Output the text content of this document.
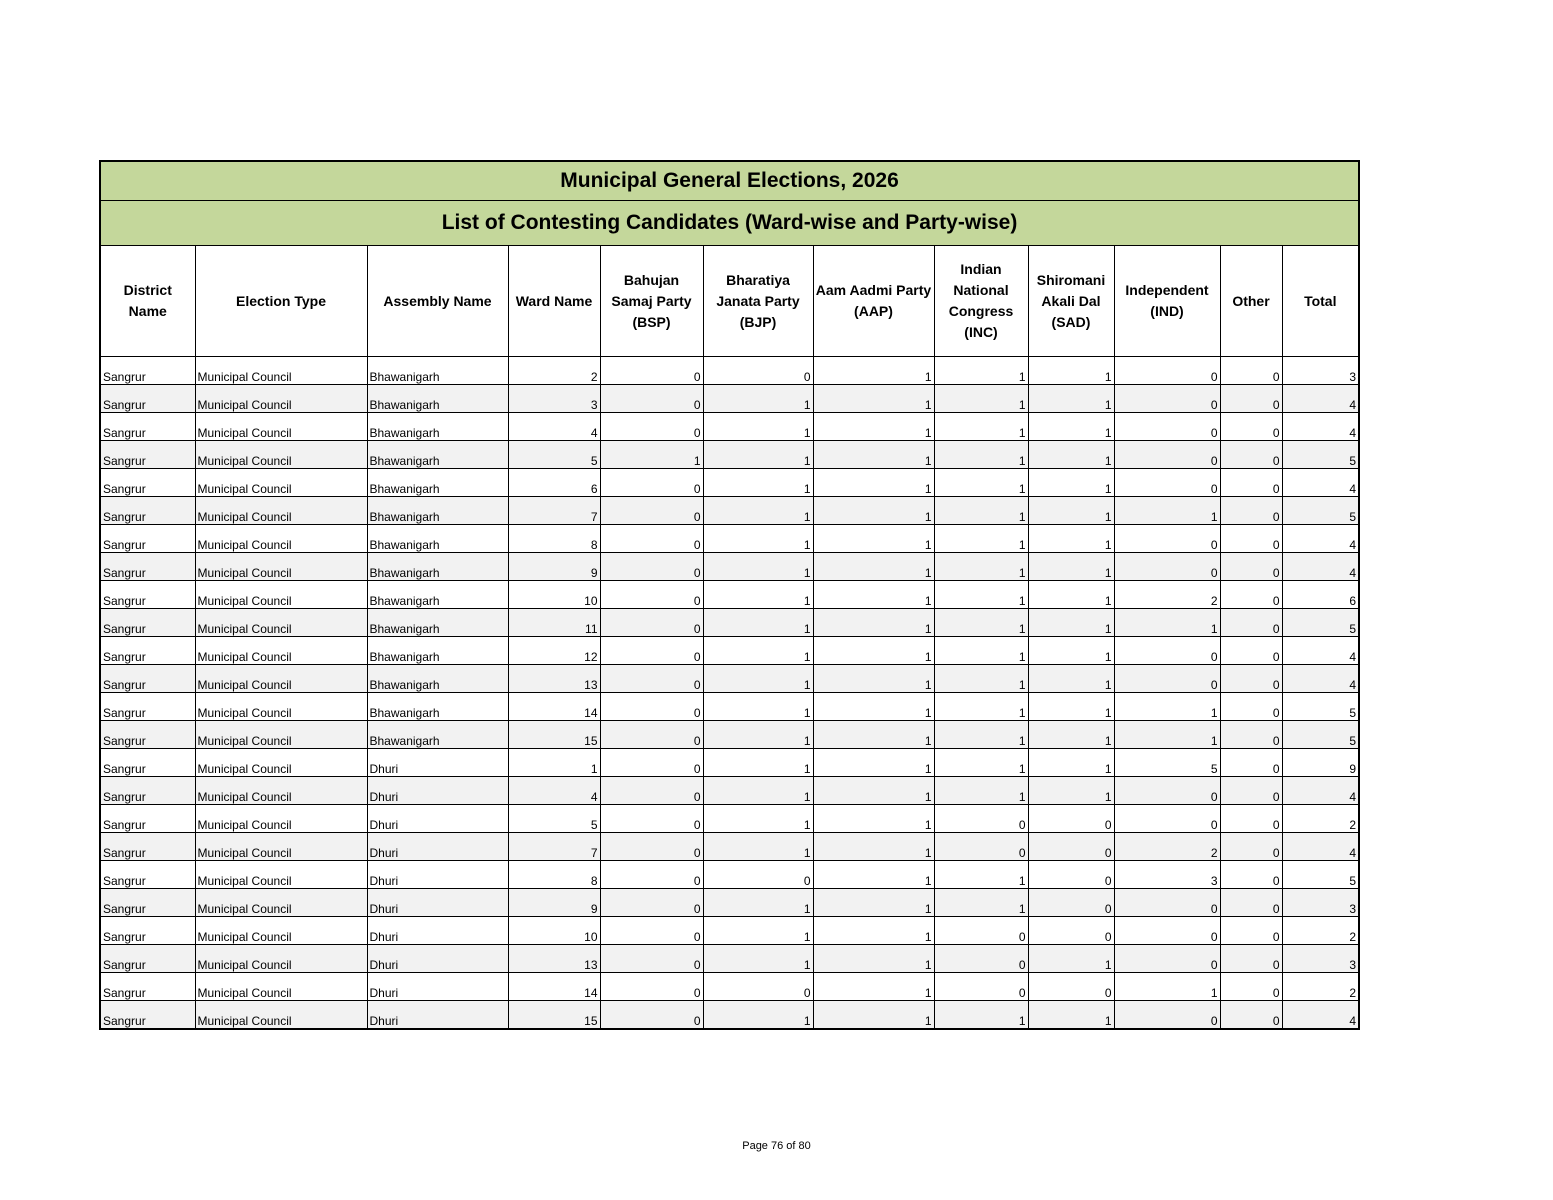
Municipal General Elections, 2026											
List of Contesting Candidates (Ward-wise and Party-wise)											
District Name	Election Type	Assembly Name	Ward Name	Bahujan Samaj Party (BSP)	Bharatiya Janata Party (BJP)	Aam Aadmi Party (AAP)	Indian National Congress (INC)	Shiromani Akali Dal (SAD)	Independent (IND)	Other	Total
Sangrur	Municipal Council	Bhawanigarh	2	0	0	1	1	1	0	0	3
Sangrur	Municipal Council	Bhawanigarh	3	0	1	1	1	1	0	0	4
Sangrur	Municipal Council	Bhawanigarh	4	0	1	1	1	1	0	0	4
Sangrur	Municipal Council	Bhawanigarh	5	1	1	1	1	1	0	0	5
Sangrur	Municipal Council	Bhawanigarh	6	0	1	1	1	1	0	0	4
Sangrur	Municipal Council	Bhawanigarh	7	0	1	1	1	1	1	0	5
Sangrur	Municipal Council	Bhawanigarh	8	0	1	1	1	1	0	0	4
Sangrur	Municipal Council	Bhawanigarh	9	0	1	1	1	1	0	0	4
Sangrur	Municipal Council	Bhawanigarh	10	0	1	1	1	1	2	0	6
Sangrur	Municipal Council	Bhawanigarh	11	0	1	1	1	1	1	0	5
Sangrur	Municipal Council	Bhawanigarh	12	0	1	1	1	1	0	0	4
Sangrur	Municipal Council	Bhawanigarh	13	0	1	1	1	1	0	0	4
Sangrur	Municipal Council	Bhawanigarh	14	0	1	1	1	1	1	0	5
Sangrur	Municipal Council	Bhawanigarh	15	0	1	1	1	1	1	0	5
Sangrur	Municipal Council	Dhuri	1	0	1	1	1	1	5	0	9
Sangrur	Municipal Council	Dhuri	4	0	1	1	1	1	0	0	4
Sangrur	Municipal Council	Dhuri	5	0	1	1	0	0	0	0	2
Sangrur	Municipal Council	Dhuri	7	0	1	1	0	0	2	0	4
Sangrur	Municipal Council	Dhuri	8	0	0	1	1	0	3	0	5
Sangrur	Municipal Council	Dhuri	9	0	1	1	1	0	0	0	3
Sangrur	Municipal Council	Dhuri	10	0	1	1	0	0	0	0	2
Sangrur	Municipal Council	Dhuri	13	0	1	1	0	1	0	0	3
Sangrur	Municipal Council	Dhuri	14	0	0	1	0	0	1	0	2
Sangrur	Municipal Council	Dhuri	15	0	1	1	1	1	0	0	4
Page 76 of 80
